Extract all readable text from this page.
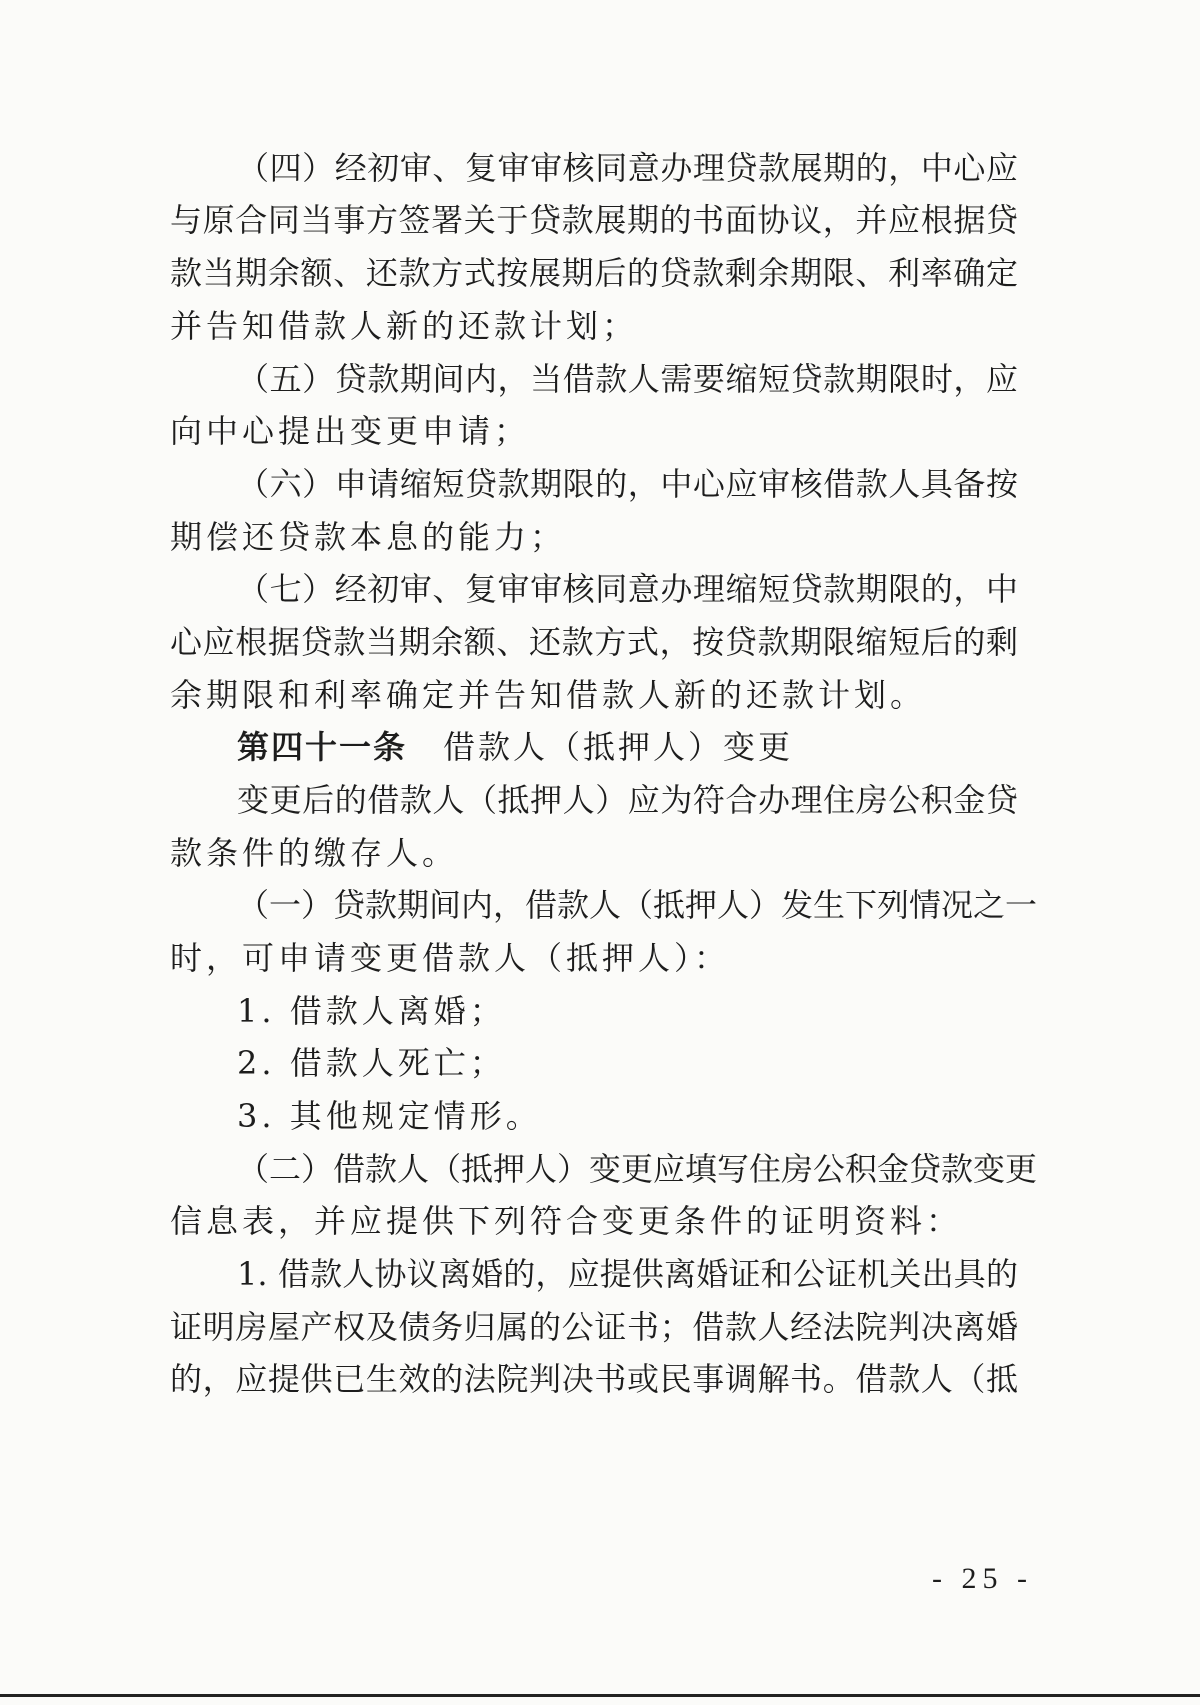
（四）经初审、复审审核同意办理贷款展期的，中心应
与原合同当事方签署关于贷款展期的书面协议，并应根据贷
款当期余额、还款方式按展期后的贷款剩余期限、利率确定
并告知借款人新的还款计划；
（五）贷款期间内，当借款人需要缩短贷款期限时，应
向中心提出变更申请；
（六）申请缩短贷款期限的，中心应审核借款人具备按
期偿还贷款本息的能力；
（七）经初审、复审审核同意办理缩短贷款期限的，中
心应根据贷款当期余额、还款方式，按贷款期限缩短后的剩
余期限和利率确定并告知借款人新的还款计划。
第四十一条 借款人（抵押人）变更
变更后的借款人（抵押人）应为符合办理住房公积金贷
款条件的缴存人。
（一）贷款期间内，借款人（抵押人）发生下列情况之一
时，可申请变更借款人（抵押人）：
1. 借款人离婚；
2. 借款人死亡；
3. 其他规定情形。
（二）借款人（抵押人）变更应填写住房公积金贷款变更
信息表，并应提供下列符合变更条件的证明资料：
1. 借款人协议离婚的，应提供离婚证和公证机关出具的
证明房屋产权及债务归属的公证书；借款人经法院判决离婚
的，应提供已生效的法院判决书或民事调解书。借款人（抵
- 25 -
